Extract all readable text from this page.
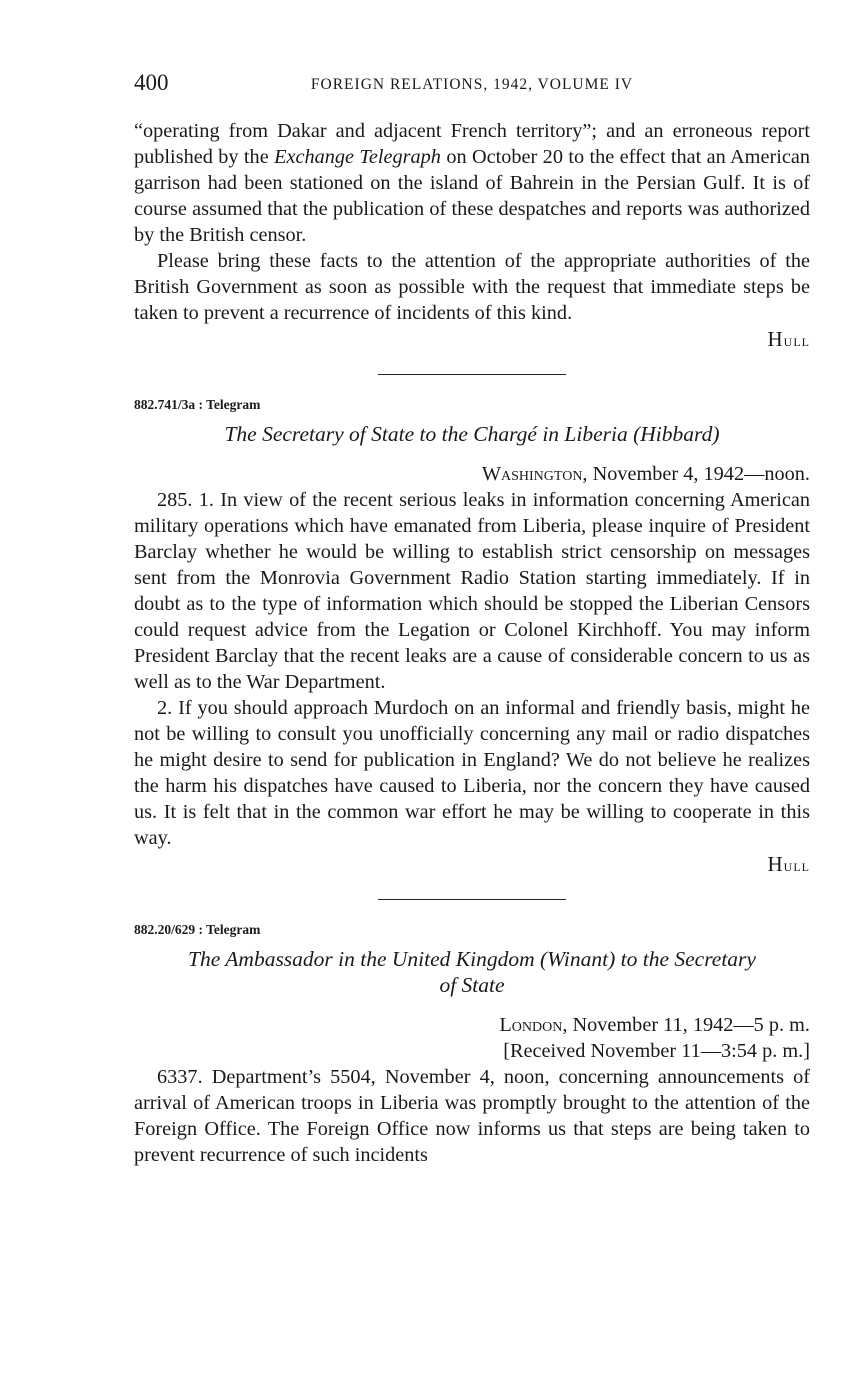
400	FOREIGN RELATIONS, 1942, VOLUME IV

“operating from Dakar and adjacent French territory”; and an erroneous report published by the Exchange Telegraph on October 20 to the effect that an American garrison had been stationed on the island of Bahrein in the Persian Gulf. It is of course assumed that the publication of these despatches and reports was authorized by the British censor.

Please bring these facts to the attention of the appropriate authorities of the British Government as soon as possible with the request that immediate steps be taken to prevent a recurrence of incidents of this kind.

Hull

882.741/3a : Telegram

The Secretary of State to the Chargé in Liberia (Hibbard)

Washington, November 4, 1942—noon.

285. 1. In view of the recent serious leaks in information concerning American military operations which have emanated from Liberia, please inquire of President Barclay whether he would be willing to establish strict censorship on messages sent from the Monrovia Government Radio Station starting immediately. If in doubt as to the type of information which should be stopped the Liberian Censors could request advice from the Legation or Colonel Kirchhoff. You may inform President Barclay that the recent leaks are a cause of considerable concern to us as well as to the War Department.

2. If you should approach Murdoch on an informal and friendly basis, might he not be willing to consult you unofficially concerning any mail or radio dispatches he might desire to send for publication in England? We do not believe he realizes the harm his dispatches have caused to Liberia, nor the concern they have caused us. It is felt that in the common war effort he may be willing to cooperate in this way.

Hull

882.20/629 : Telegram

The Ambassador in the United Kingdom (Winant) to the Secretary

of State

London, November 11, 1942—5 p. m.

[Received November 11—3:54 p. m.]

6337. Department’s 5504, November 4, noon, concerning announcements of arrival of American troops in Liberia was promptly brought to the attention of the Foreign Office. The Foreign Office now informs us that steps are being taken to prevent recurrence of such incidents
